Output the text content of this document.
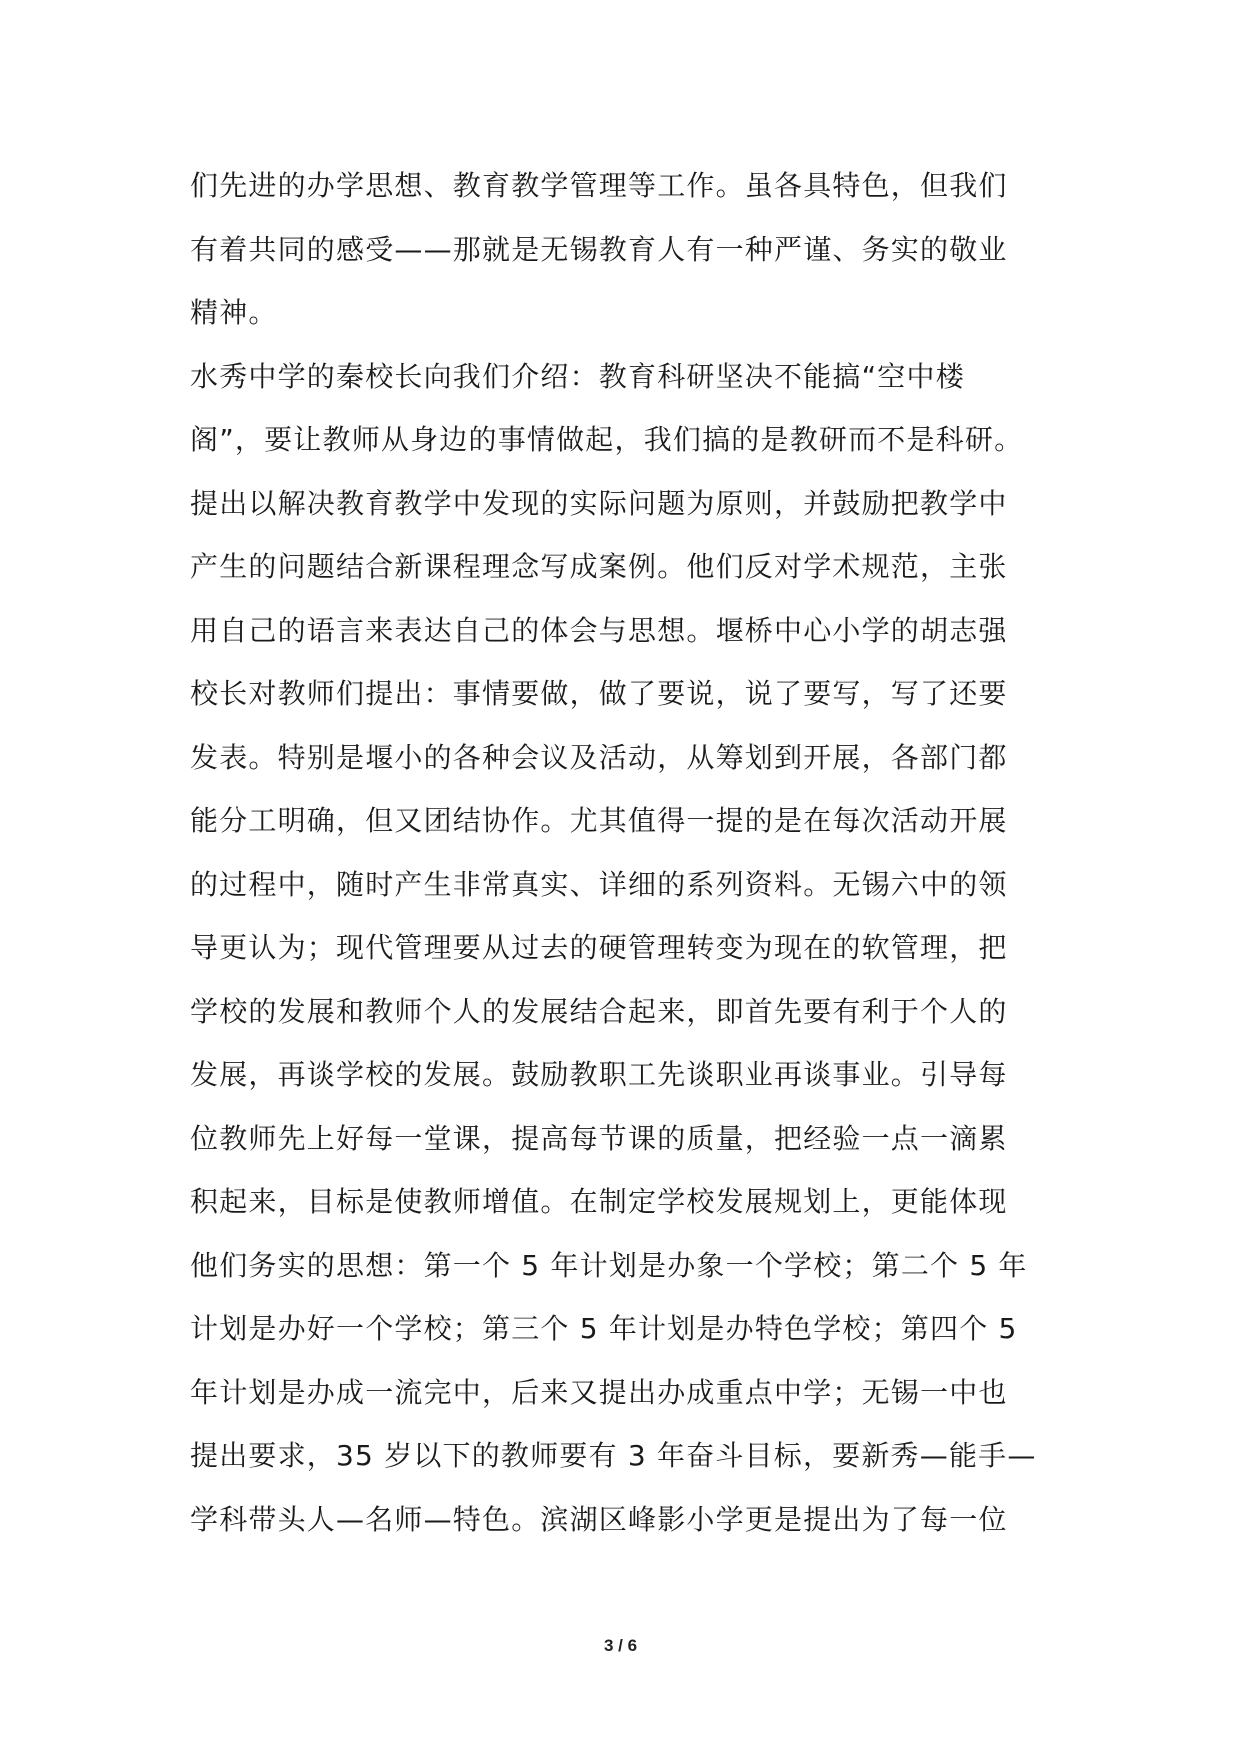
们先进的办学思想、教育教学管理等工作。虽各具特色，但我们
有着共同的感受——那就是无锡教育人有一种严谨、务实的敬业
精神。
水秀中学的秦校长向我们介绍：教育科研坚决不能搞“空中楼
阁”，要让教师从身边的事情做起，我们搞的是教研而不是科研。
提出以解决教育教学中发现的实际问题为原则，并鼓励把教学中
产生的问题结合新课程理念写成案例。他们反对学术规范，主张
用自己的语言来表达自己的体会与思想。堰桥中心小学的胡志强
校长对教师们提出：事情要做，做了要说，说了要写，写了还要
发表。特别是堰小的各种会议及活动，从筹划到开展，各部门都
能分工明确，但又团结协作。尤其值得一提的是在每次活动开展
的过程中，随时产生非常真实、详细的系列资料。无锡六中的领
导更认为；现代管理要从过去的硬管理转变为现在的软管理，把
学校的发展和教师个人的发展结合起来，即首先要有利于个人的
发展，再谈学校的发展。鼓励教职工先谈职业再谈事业。引导每
位教师先上好每一堂课，提高每节课的质量，把经验一点一滴累
积起来，目标是使教师增值。在制定学校发展规划上，更能体现
他们务实的思想：第一个 5 年计划是办象一个学校；第二个 5 年
计划是办好一个学校；第三个 5 年计划是办特色学校；第四个 5
年计划是办成一流完中，后来又提出办成重点中学；无锡一中也
提出要求，35 岁以下的教师要有 3 年奋斗目标，要新秀—能手—
学科带头人—名师—特色。滨湖区峰影小学更是提出为了每一位
3 / 6
